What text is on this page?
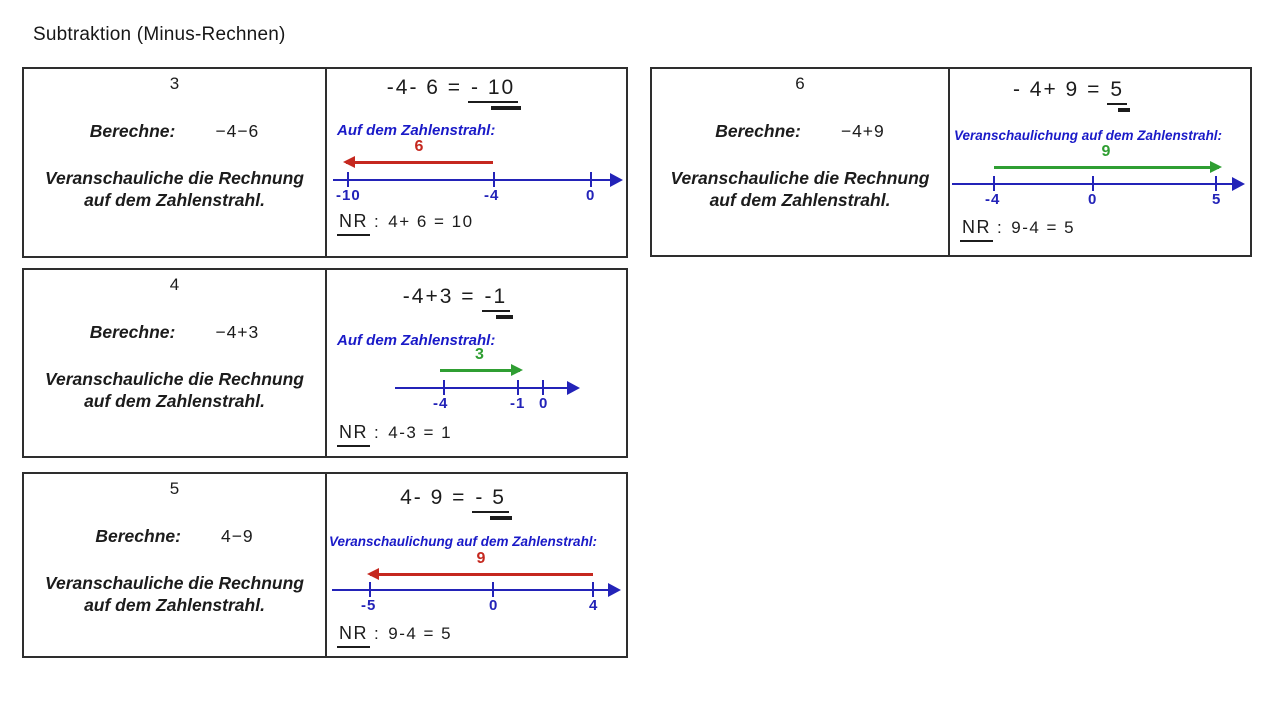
Subtraktion (Minus-Rechnen)
3
Berechne: −4−6
Veranschauliche die Rechnung
auf dem Zahlenstrahl.
-4- 6 = - 10
Auf dem Zahlenstrahl:
6
-10	-4	0
NR : 4+ 6 = 10
4
Berechne: −4+3
Veranschauliche die Rechnung
auf dem Zahlenstrahl.
-4+3 = -1
Auf dem Zahlenstrahl:
3
-4	-1 0
NR : 4-3 = 1
5
Berechne: 4−9
Veranschauliche die Rechnung
auf dem Zahlenstrahl.
4- 9 = - 5
Veranschaulichung auf dem Zahlenstrahl:
9
-5	0	4
NR : 9-4 = 5
6
Berechne: −4+9
Veranschauliche die Rechnung
auf dem Zahlenstrahl.
- 4+ 9 = 5
Veranschaulichung auf dem Zahlenstrahl:
9
-4	0	5
NR : 9-4 = 5
